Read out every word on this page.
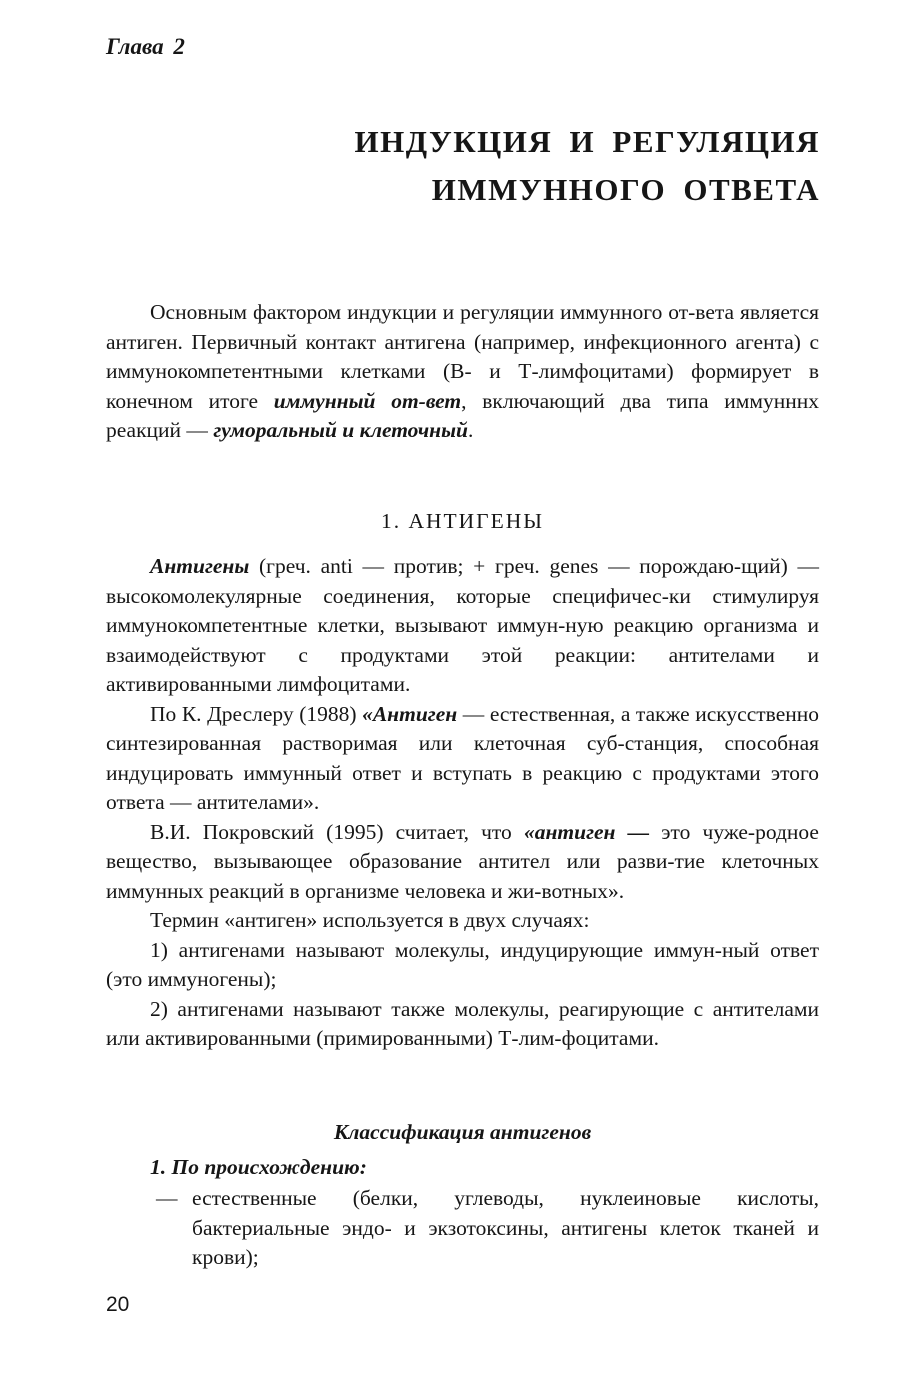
Глава 2
ИНДУКЦИЯ И РЕГУЛЯЦИЯ
ИММУННОГО ОТВЕТА

Основным фактором индукции и регуляции иммунного от-вета является антиген. Первичный контакт антигена (например, инфекционного агента) с иммунокомпетентными клетками (В- и Т-лимфоцитами) формирует в конечном итоге иммунный от-вет, включающий два типа иммунннх реакций — гуморальный и клеточный.

1. АНТИГЕНЫ

Антигены (греч. anti — против; + греч. genes — порождаю-щий) — высокомолекулярные соединения, которые специфичес-ки стимулируя иммунокомпетентные клетки, вызывают иммун-ную реакцию организма и взаимодействуют с продуктами этой реакции: антителами и активированными лимфоцитами.

По К. Дреслеру (1988) «Антиген — естественная, а также искусственно синтезированная растворимая или клеточная суб-станция, способная индуцировать иммунный ответ и вступать в реакцию с продуктами этого ответа — антителами».

В.И. Покровский (1995) считает, что «антиген — это чуже-родное вещество, вызывающее образование антител или разви-тие клеточных иммунных реакций в организме человека и жи-вотных».

Термин «антиген» используется в двух случаях:

1) антигенами называют молекулы, индуцирующие иммун-ный ответ (это иммуногены);

2) антигенами называют также молекулы, реагирующие с антителами или активированными (примированными) Т-лим-фоцитами.

Классификация антигенов
1. По происхождению:
— естественные (белки, углеводы, нуклеиновые кислоты, бактериальные эндо- и экзотоксины, антигены клеток тканей и крови);
20
